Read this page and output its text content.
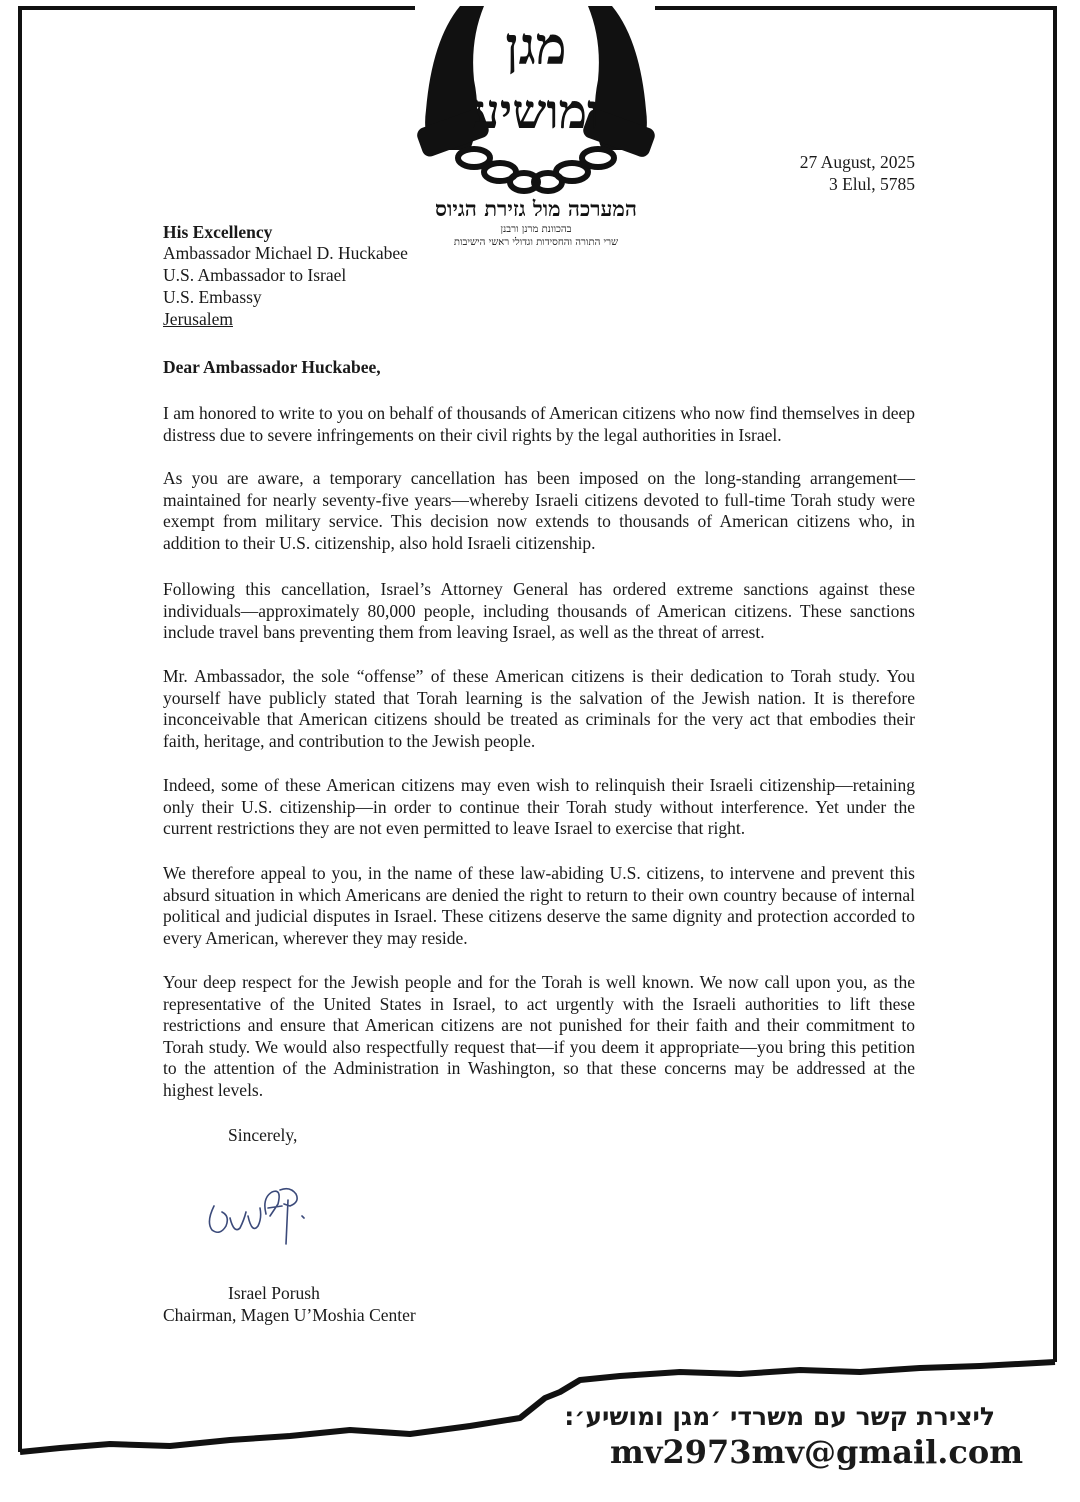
מגן
ומושיע
המערכה מול גזירת הגיוס
בהכוונת מרנן ורבנן
שרי התורה והחסידות וגדולי ראשי הישיבות
27 August, 2025
3 Elul, 5785
His Excellency
Ambassador Michael D. Huckabee
U.S. Ambassador to Israel
U.S. Embassy
Jerusalem
Dear Ambassador Huckabee,
I am honored to write to you on behalf of thousands of American citizens who now find themselves in deep distress due to severe infringements on their civil rights by the legal authorities in Israel.
As you are aware, a temporary cancellation has been imposed on the long-standing arrangement—maintained for nearly seventy-five years—whereby Israeli citizens devoted to full-time Torah study were exempt from military service. This decision now extends to thousands of American citizens who, in addition to their U.S. citizenship, also hold Israeli citizenship.
Following this cancellation, Israel’s Attorney General has ordered extreme sanctions against these individuals—approximately 80,000 people, including thousands of American citizens. These sanctions include travel bans preventing them from leaving Israel, as well as the threat of arrest.
Mr. Ambassador, the sole “offense” of these American citizens is their dedication to Torah study. You yourself have publicly stated that Torah learning is the salvation of the Jewish nation. It is therefore inconceivable that American citizens should be treated as criminals for the very act that embodies their faith, heritage, and contribution to the Jewish people.
Indeed, some of these American citizens may even wish to relinquish their Israeli citizenship—retaining only their U.S. citizenship—in order to continue their Torah study without interference. Yet under the current restrictions they are not even permitted to leave Israel to exercise that right.
We therefore appeal to you, in the name of these law-abiding U.S. citizens, to intervene and prevent this absurd situation in which Americans are denied the right to return to their own country because of internal political and judicial disputes in Israel. These citizens deserve the same dignity and protection accorded to every American, wherever they may reside.
Your deep respect for the Jewish people and for the Torah is well known. We now call upon you, as the representative of the United States in Israel, to act urgently with the Israeli authorities to lift these restrictions and ensure that American citizens are not punished for their faith and their commitment to Torah study. We would also respectfully request that—if you deem it appropriate—you bring this petition to the attention of the Administration in Washington, so that these concerns may be addressed at the highest levels.
Sincerely,
Israel Porush
Chairman, Magen U’Moshia Center
ליצירת קשר עם משרדי ׳מגן ומושיע׳:
mv2973mv@gmail.com
